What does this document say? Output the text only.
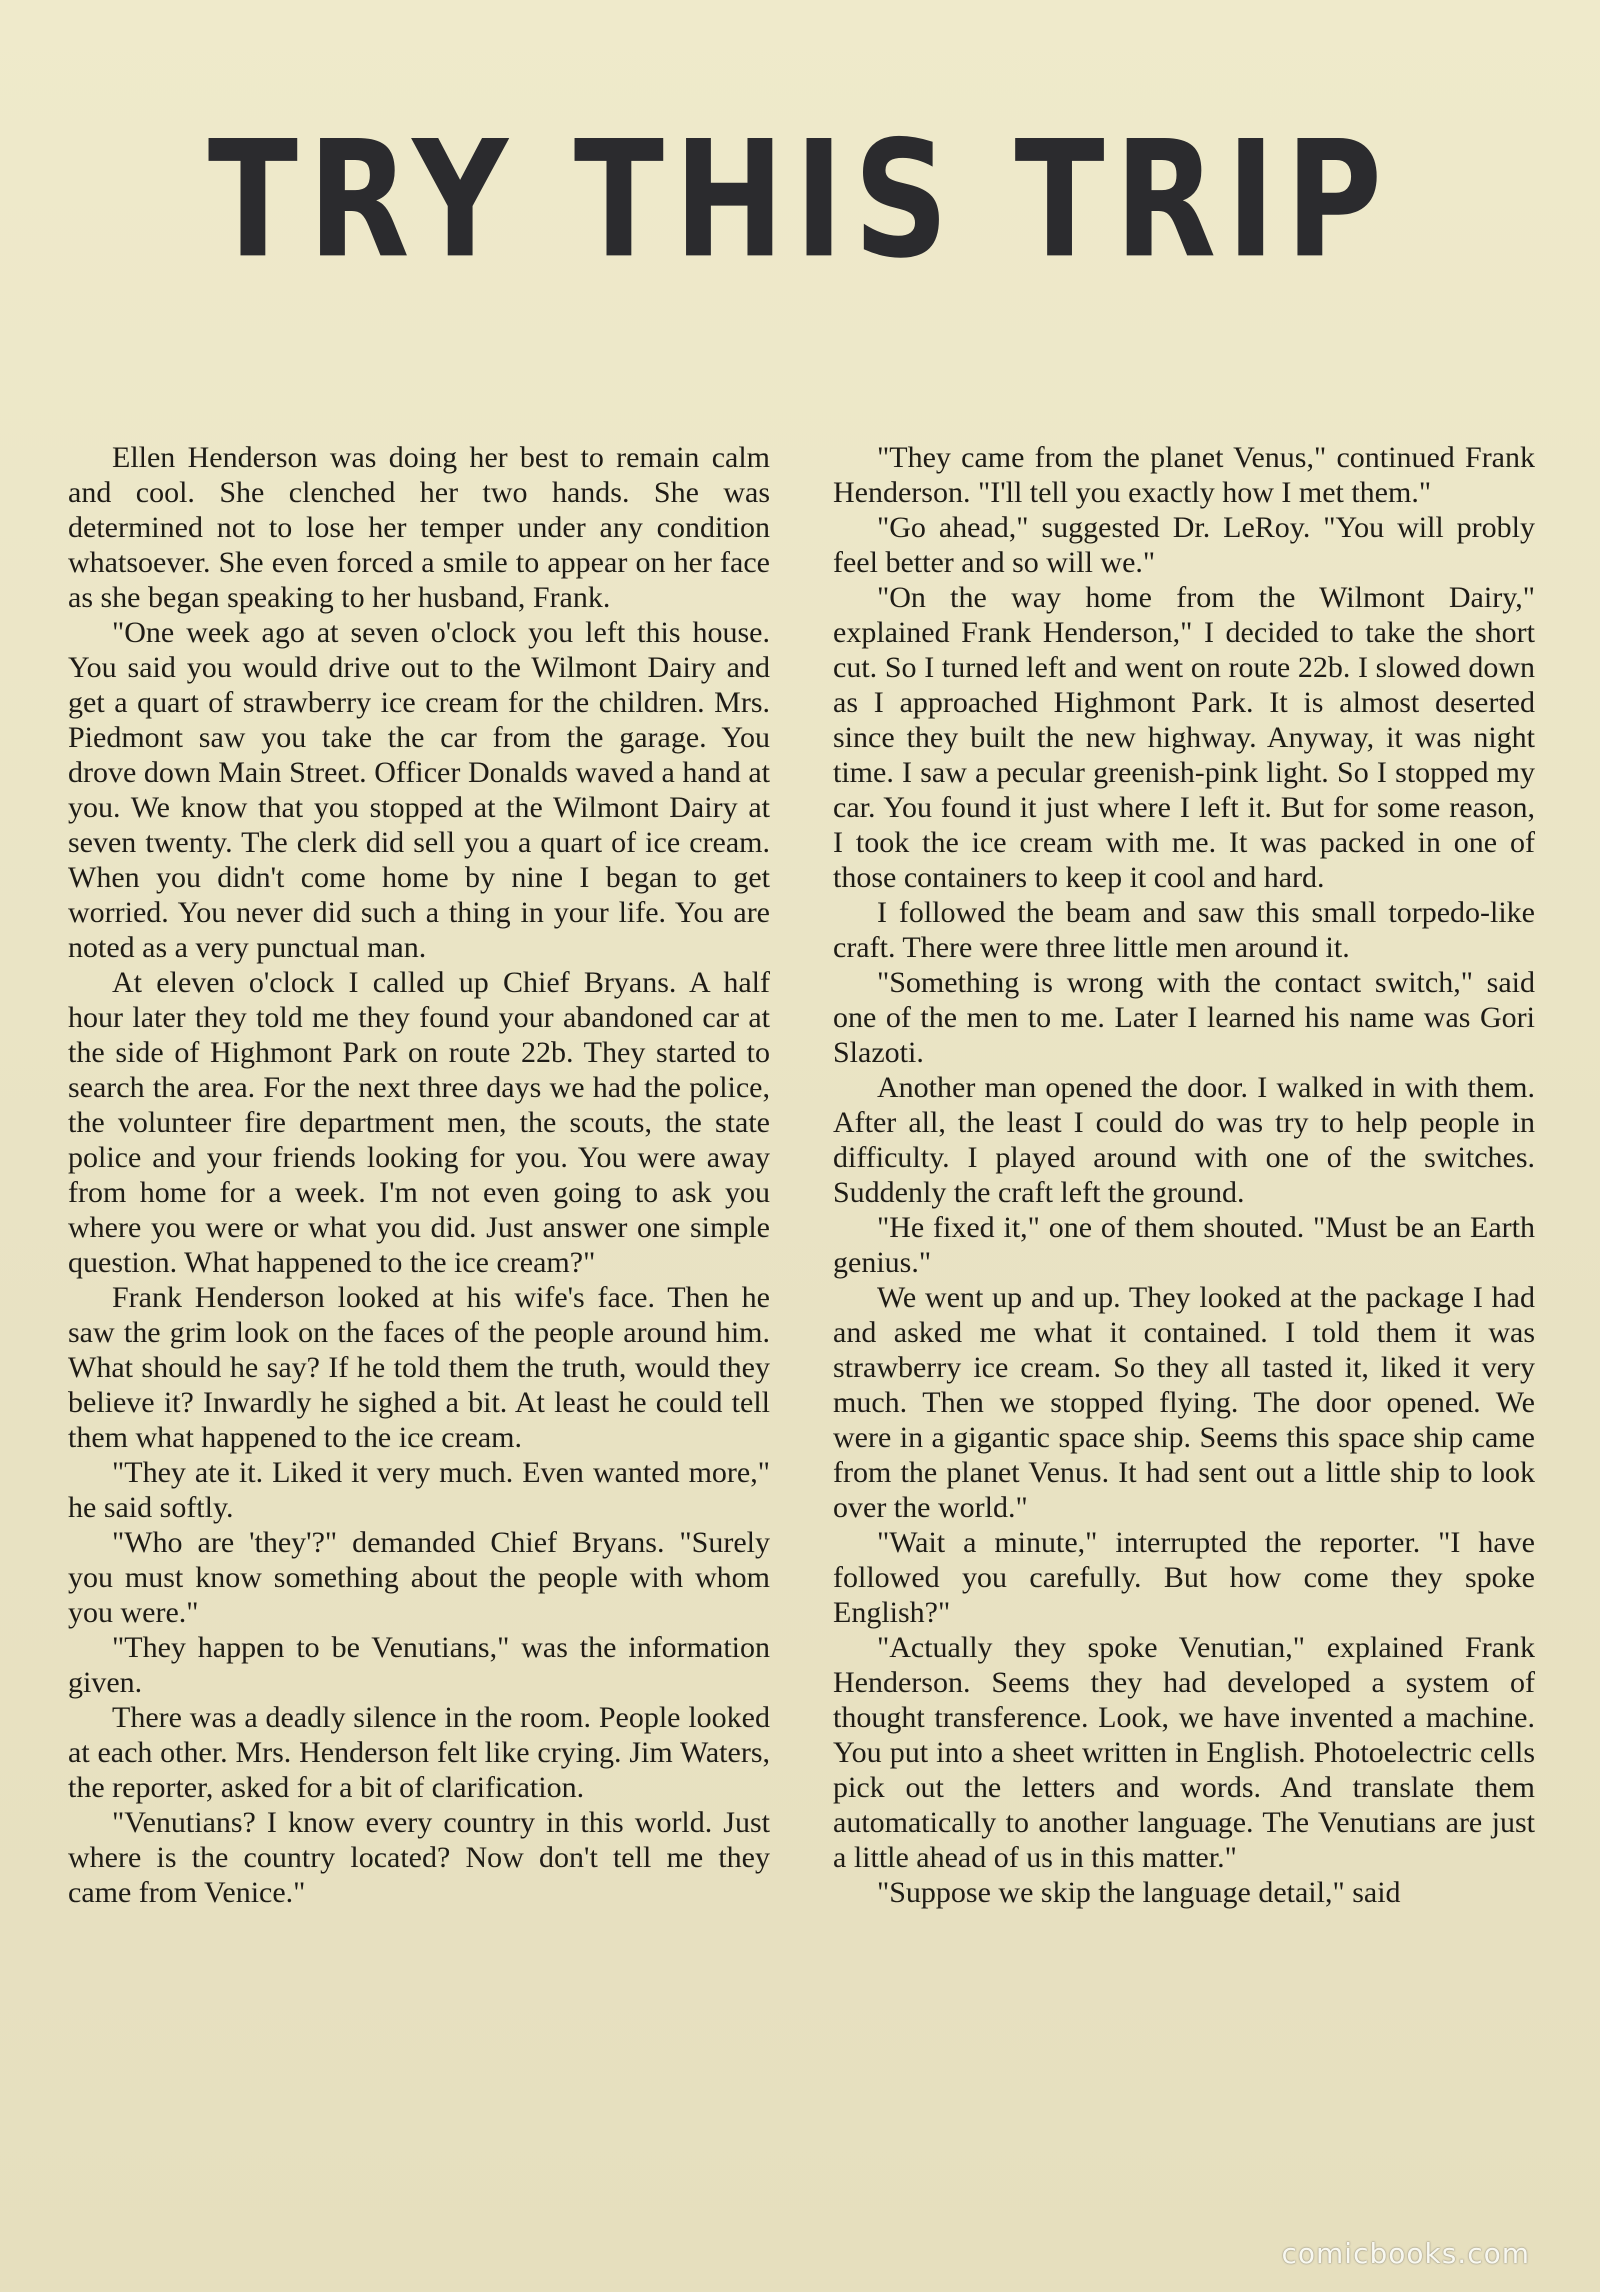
TRY THIS TRIP

Ellen Henderson was doing her best to remain calm and cool. She clenched her two hands. She was determined not to lose her temper under any condition whatsoever. She even forced a smile to appear on her face as she began speaking to her husband, Frank.

"One week ago at seven o'clock you left this house. You said you would drive out to the Wilmont Dairy and get a quart of strawberry ice cream for the children. Mrs. Piedmont saw you take the car from the garage. You drove down Main Street. Officer Donalds waved a hand at you. We know that you stopped at the Wilmont Dairy at seven twenty. The clerk did sell you a quart of ice cream. When you didn't come home by nine I began to get worried. You never did such a thing in your life. You are noted as a very punctual man.

At eleven o'clock I called up Chief Bryans. A half hour later they told me they found your abandoned car at the side of Highmont Park on route 22b. They started to search the area. For the next three days we had the police, the volunteer fire department men, the scouts, the state police and your friends looking for you. You were away from home for a week. I'm not even going to ask you where you were or what you did. Just answer one simple question. What happened to the ice cream?"

Frank Henderson looked at his wife's face. Then he saw the grim look on the faces of the people around him. What should he say? If he told them the truth, would they believe it? Inwardly he sighed a bit. At least he could tell them what happened to the ice cream.

"They ate it. Liked it very much. Even wanted more," he said softly.

"Who are 'they'?" demanded Chief Bryans. "Surely you must know something about the people with whom you were."

"They happen to be Venutians," was the information given.

There was a deadly silence in the room. People looked at each other. Mrs. Henderson felt like crying. Jim Waters, the reporter, asked for a bit of clarification.

"Venutians? I know every country in this world. Just where is the country located? Now don't tell me they came from Venice."

"They came from the planet Venus," continued Frank Henderson. "I'll tell you exactly how I met them."

"Go ahead," suggested Dr. LeRoy. "You will probly feel better and so will we."

"On the way home from the Wilmont Dairy," explained Frank Henderson," I decided to take the short cut. So I turned left and went on route 22b. I slowed down as I approached Highmont Park. It is almost deserted since they built the new highway. Anyway, it was night time. I saw a pecular greenish-pink light. So I stopped my car. You found it just where I left it. But for some reason, I took the ice cream with me. It was packed in one of those containers to keep it cool and hard.

I followed the beam and saw this small torpedo-like craft. There were three little men around it.

"Something is wrong with the contact switch," said one of the men to me. Later I learned his name was Gori Slazoti.

Another man opened the door. I walked in with them. After all, the least I could do was try to help people in difficulty. I played around with one of the switches. Suddenly the craft left the ground.

"He fixed it," one of them shouted. "Must be an Earth genius."

We went up and up. They looked at the package I had and asked me what it contained. I told them it was strawberry ice cream. So they all tasted it, liked it very much. Then we stopped flying. The door opened. We were in a gigantic space ship. Seems this space ship came from the planet Venus. It had sent out a little ship to look over the world."

"Wait a minute," interrupted the reporter. "I have followed you carefully. But how come they spoke English?"

"Actually they spoke Venutian," explained Frank Henderson. Seems they had developed a system of thought transference. Look, we have invented a machine. You put into a sheet written in English. Photoelectric cells pick out the letters and words. And translate them automatically to another language. The Venutians are just a little ahead of us in this matter."

"Suppose we skip the language detail," said

comicbooks.com
